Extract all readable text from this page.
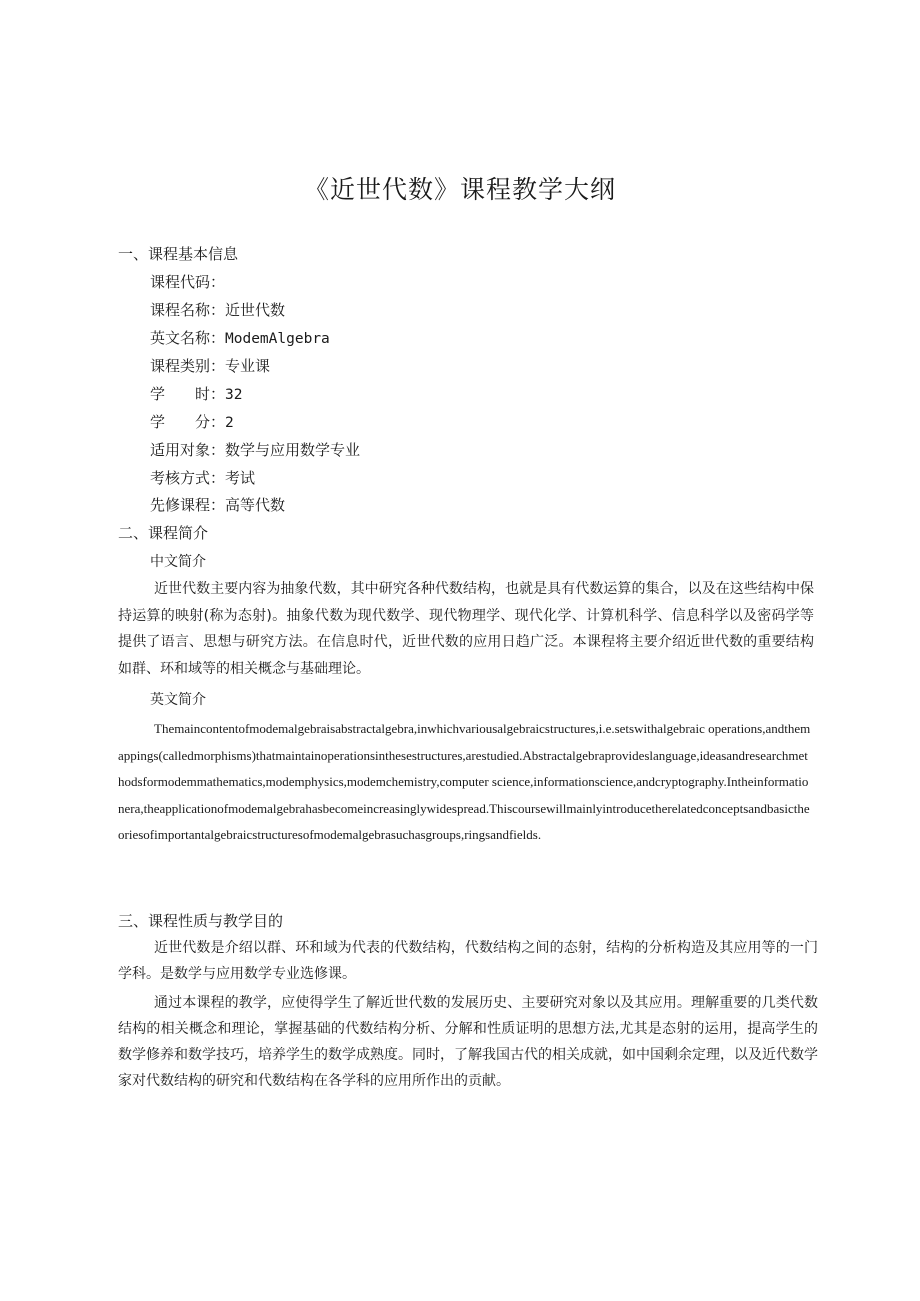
《近世代数》课程教学大纲
一、课程基本信息
课程代码：
课程名称：近世代数
英文名称：ModemAlgebra
课程类别：专业课
学　　时：32
学　　分：2
适用对象：数学与应用数学专业
考核方式：考试
先修课程：高等代数
二、课程简介
中文简介
近世代数主要内容为抽象代数，其中研究各种代数结构，也就是具有代数运算的集合，以及在这些结构中保持运算的映射(称为态射)。抽象代数为现代数学、现代物理学、现代化学、计算机科学、信息科学以及密码学等提供了语言、思想与研究方法。在信息时代，近世代数的应用日趋广泛。本课程将主要介绍近世代数的重要结构如群、环和域等的相关概念与基础理论。
英文简介
Themaincontentofmodemalgebraisabstractalgebra,inwhichvariousalgebraicstructures,i.e.setswithalgebraic operations,andthemappings(calledmorphisms)thatmaintainoperationsinthesestructures,arestudied.Abstractalgebraprovideslanguage,ideasandresearchmethodsformodemmathematics,modemphysics,modemchemistry,computer science,informationscience,andcryptography.Intheinformationera,theapplicationofmodemalgebrahasbecomeincreasinglywidespread.Thiscoursewillmainlyintroducetherelatedconceptsandbasictheoriesofimportantalgebraicstructuresofmodemalgebrasuchasgroups,ringsandfields.
三、课程性质与教学目的
近世代数是介绍以群、环和域为代表的代数结构，代数结构之间的态射，结构的分析构造及其应用等的一门学科。是数学与应用数学专业选修课。
通过本课程的教学，应使得学生了解近世代数的发展历史、主要研究对象以及其应用。理解重要的几类代数结构的相关概念和理论，掌握基础的代数结构分析、分解和性质证明的思想方法,尤其是态射的运用，提高学生的数学修养和数学技巧，培养学生的数学成熟度。同时，了解我国古代的相关成就，如中国剩余定理，以及近代数学家对代数结构的研究和代数结构在各学科的应用所作出的贡献。
